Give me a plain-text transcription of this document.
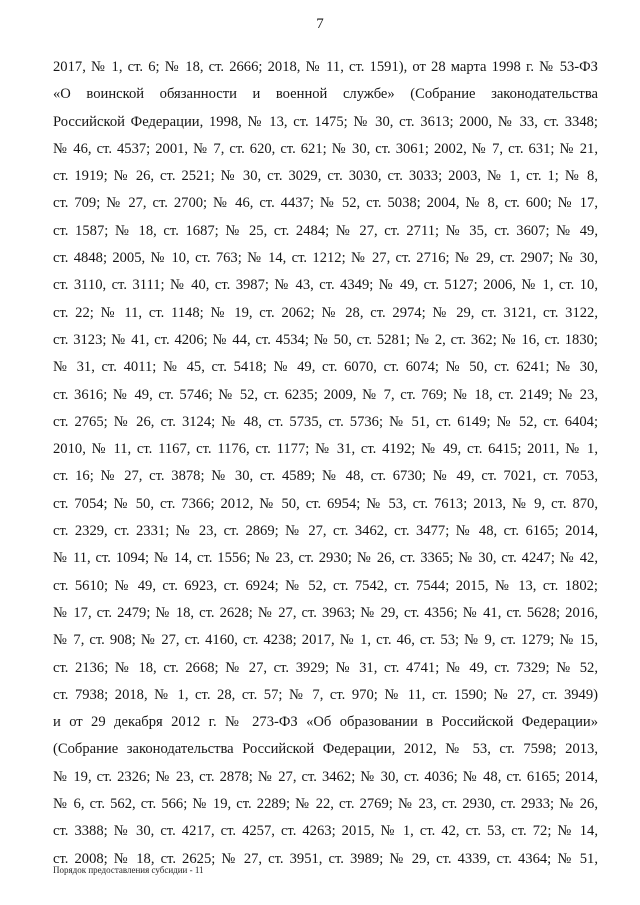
7
2017, № 1, ст. 6; № 18, ст. 2666; 2018, № 11, ст. 1591), от 28 марта 1998 г. № 53-ФЗ
«О воинской обязанности и военной службе» (Собрание законодательства
Российской Федерации, 1998, № 13, ст. 1475; № 30, ст. 3613; 2000, № 33, ст. 3348;
№ 46, ст. 4537; 2001, № 7, ст. 620, ст. 621; № 30, ст. 3061; 2002, № 7, ст. 631; № 21,
ст. 1919; № 26, ст. 2521; № 30, ст. 3029, ст. 3030, ст. 3033; 2003, № 1, ст. 1; № 8,
ст. 709; № 27, ст. 2700; № 46, ст. 4437; № 52, ст. 5038; 2004, № 8, ст. 600; № 17,
ст. 1587; № 18, ст. 1687; № 25, ст. 2484; № 27, ст. 2711; № 35, ст. 3607; № 49,
ст. 4848; 2005, № 10, ст. 763; № 14, ст. 1212; № 27, ст. 2716; № 29, ст. 2907; № 30,
ст. 3110, ст. 3111; № 40, ст. 3987; № 43, ст. 4349; № 49, ст. 5127; 2006, № 1, ст. 10,
ст. 22; № 11, ст. 1148; № 19, ст. 2062; № 28, ст. 2974; № 29, ст. 3121, ст. 3122,
ст. 3123; № 41, ст. 4206; № 44, ст. 4534; № 50, ст. 5281; № 2, ст. 362; № 16, ст. 1830;
№ 31, ст. 4011; № 45, ст. 5418; № 49, ст. 6070, ст. 6074; № 50, ст. 6241; № 30,
ст. 3616; № 49, ст. 5746; № 52, ст. 6235; 2009, № 7, ст. 769; № 18, ст. 2149; № 23,
ст. 2765; № 26, ст. 3124; № 48, ст. 5735, ст. 5736; № 51, ст. 6149; № 52, ст. 6404;
2010, № 11, ст. 1167, ст. 1176, ст. 1177; № 31, ст. 4192; № 49, ст. 6415; 2011, № 1,
ст. 16; № 27, ст. 3878; № 30, ст. 4589; № 48, ст. 6730; № 49, ст. 7021, ст. 7053,
ст. 7054; № 50, ст. 7366; 2012, № 50, ст. 6954; № 53, ст. 7613; 2013, № 9, ст. 870,
ст. 2329, ст. 2331; № 23, ст. 2869; № 27, ст. 3462, ст. 3477; № 48, ст. 6165; 2014,
№ 11, ст. 1094; № 14, ст. 1556; № 23, ст. 2930; № 26, ст. 3365; № 30, ст. 4247; № 42,
ст. 5610; № 49, ст. 6923, ст. 6924; № 52, ст. 7542, ст. 7544; 2015, № 13, ст. 1802;
№ 17, ст. 2479; № 18, ст. 2628; № 27, ст. 3963; № 29, ст. 4356; № 41, ст. 5628; 2016,
№ 7, ст. 908; № 27, ст. 4160, ст. 4238; 2017, № 1, ст. 46, ст. 53; № 9, ст. 1279; № 15,
ст. 2136; № 18, ст. 2668; № 27, ст. 3929; № 31, ст. 4741; № 49, ст. 7329; № 52,
ст. 7938; 2018, № 1, ст. 28, ст. 57; № 7, ст. 970; № 11, ст. 1590; № 27, ст. 3949)
и от 29 декабря 2012 г. № 273-ФЗ «Об образовании в Российской Федерации»
(Собрание законодательства Российской Федерации, 2012, № 53, ст. 7598; 2013,
№ 19, ст. 2326; № 23, ст. 2878; № 27, ст. 3462; № 30, ст. 4036; № 48, ст. 6165; 2014,
№ 6, ст. 562, ст. 566; № 19, ст. 2289; № 22, ст. 2769; № 23, ст. 2930, ст. 2933; № 26,
ст. 3388; № 30, ст. 4217, ст. 4257, ст. 4263; 2015, № 1, ст. 42, ст. 53, ст. 72; № 14,
ст. 2008; № 18, ст. 2625; № 27, ст. 3951, ст. 3989; № 29, ст. 4339, ст. 4364; № 51,
Порядок предоставления субсидии - 11
